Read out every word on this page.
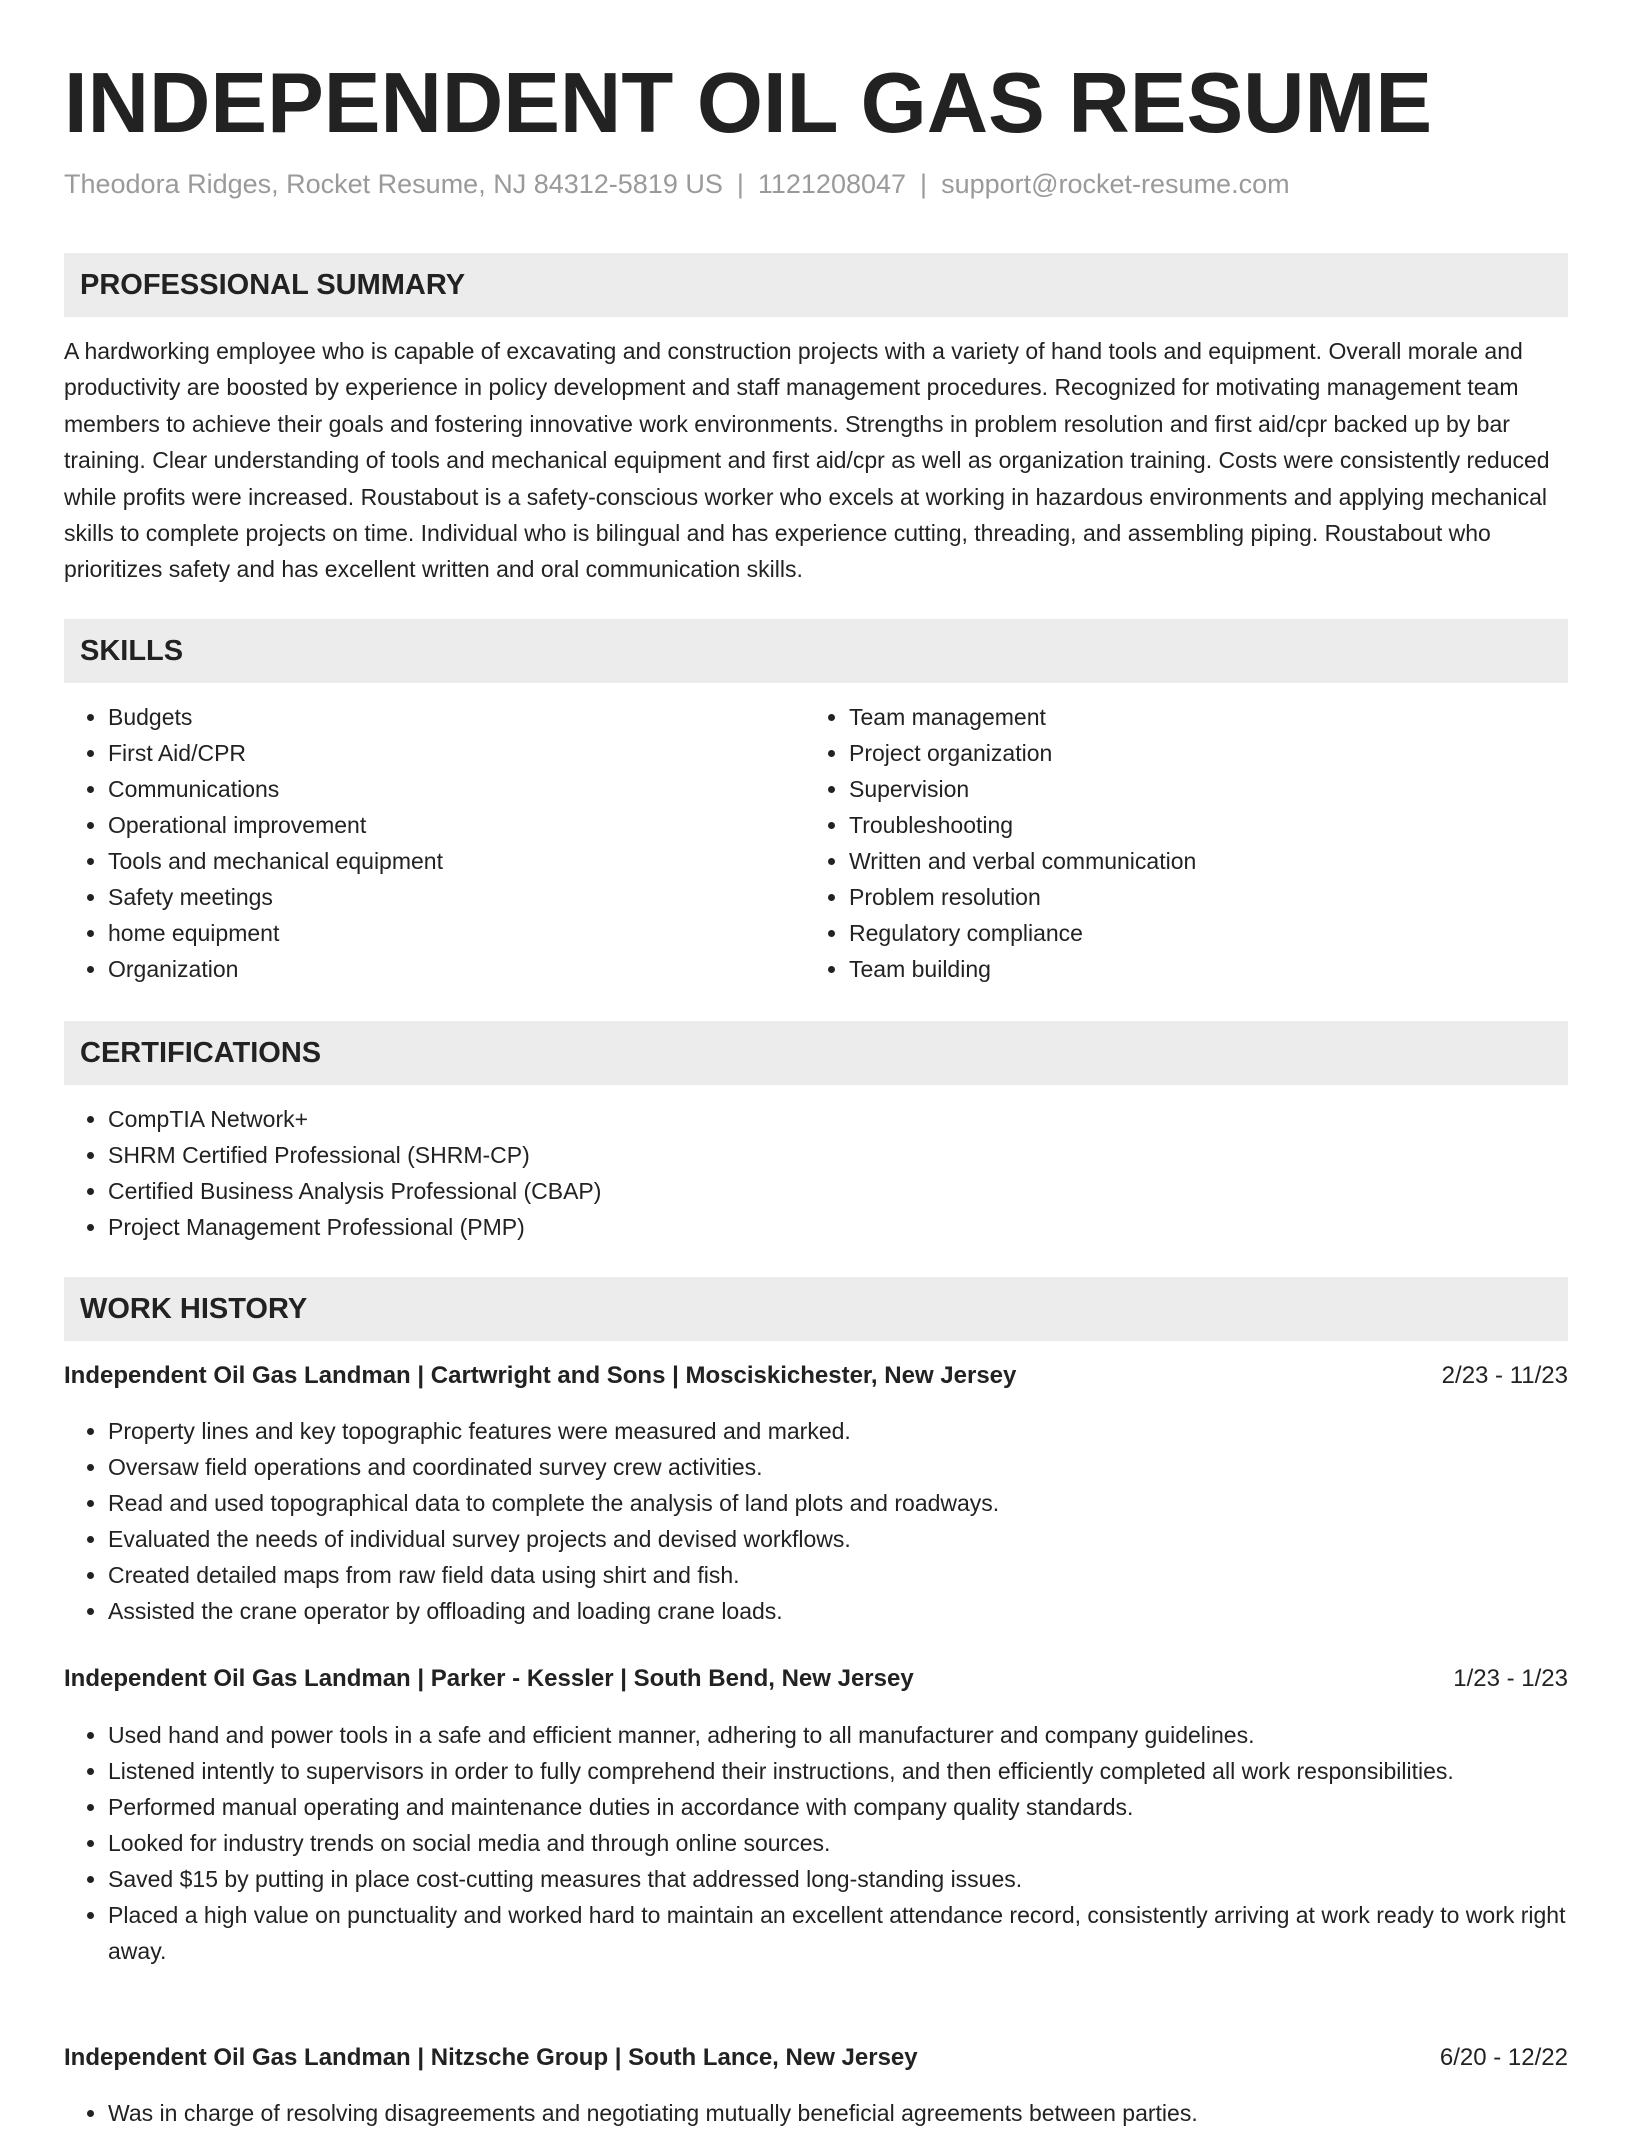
INDEPENDENT OIL GAS RESUME
Theodora Ridges, Rocket Resume, NJ 84312-5819 US | 1121208047 | support@rocket-resume.com
PROFESSIONAL SUMMARY

A hardworking employee who is capable of excavating and construction projects with a variety of hand tools and equipment. Overall morale and productivity are boosted by experience in policy development and staff management procedures. Recognized for motivating management team members to achieve their goals and fostering innovative work environments. Strengths in problem resolution and first aid/cpr backed up by bar training. Clear understanding of tools and mechanical equipment and first aid/cpr as well as organization training. Costs were consistently reduced while profits were increased. Roustabout is a safety-conscious worker who excels at working in hazardous environments and applying mechanical skills to complete projects on time. Individual who is bilingual and has experience cutting, threading, and assembling piping. Roustabout who prioritizes safety and has excellent written and oral communication skills.

SKILLS
• Budgets
• First Aid/CPR
• Communications
• Operational improvement
• Tools and mechanical equipment
• Safety meetings
• home equipment
• Organization
• Team management
• Project organization
• Supervision
• Troubleshooting
• Written and verbal communication
• Problem resolution
• Regulatory compliance
• Team building
CERTIFICATIONS
• CompTIA Network+
• SHRM Certified Professional (SHRM-CP)
• Certified Business Analysis Professional (CBAP)
• Project Management Professional (PMP)
WORK HISTORY
Independent Oil Gas Landman | Cartwright and Sons | Mosciskichester, New Jersey	2/23 - 11/23
• Property lines and key topographic features were measured and marked.
• Oversaw field operations and coordinated survey crew activities.
• Read and used topographical data to complete the analysis of land plots and roadways.
• Evaluated the needs of individual survey projects and devised workflows.
• Created detailed maps from raw field data using shirt and fish.
• Assisted the crane operator by offloading and loading crane loads.
Independent Oil Gas Landman | Parker - Kessler | South Bend, New Jersey	1/23 - 1/23
• Used hand and power tools in a safe and efficient manner, adhering to all manufacturer and company guidelines.
• Listened intently to supervisors in order to fully comprehend their instructions, and then efficiently completed all work responsibilities.
• Performed manual operating and maintenance duties in accordance with company quality standards.
• Looked for industry trends on social media and through online sources.
• Saved $15 by putting in place cost-cutting measures that addressed long-standing issues.
• Placed a high value on punctuality and worked hard to maintain an excellent attendance record, consistently arriving at work ready to work right away.
Independent Oil Gas Landman | Nitzsche Group | South Lance, New Jersey	6/20 - 12/22
• Was in charge of resolving disagreements and negotiating mutually beneficial agreements between parties.
